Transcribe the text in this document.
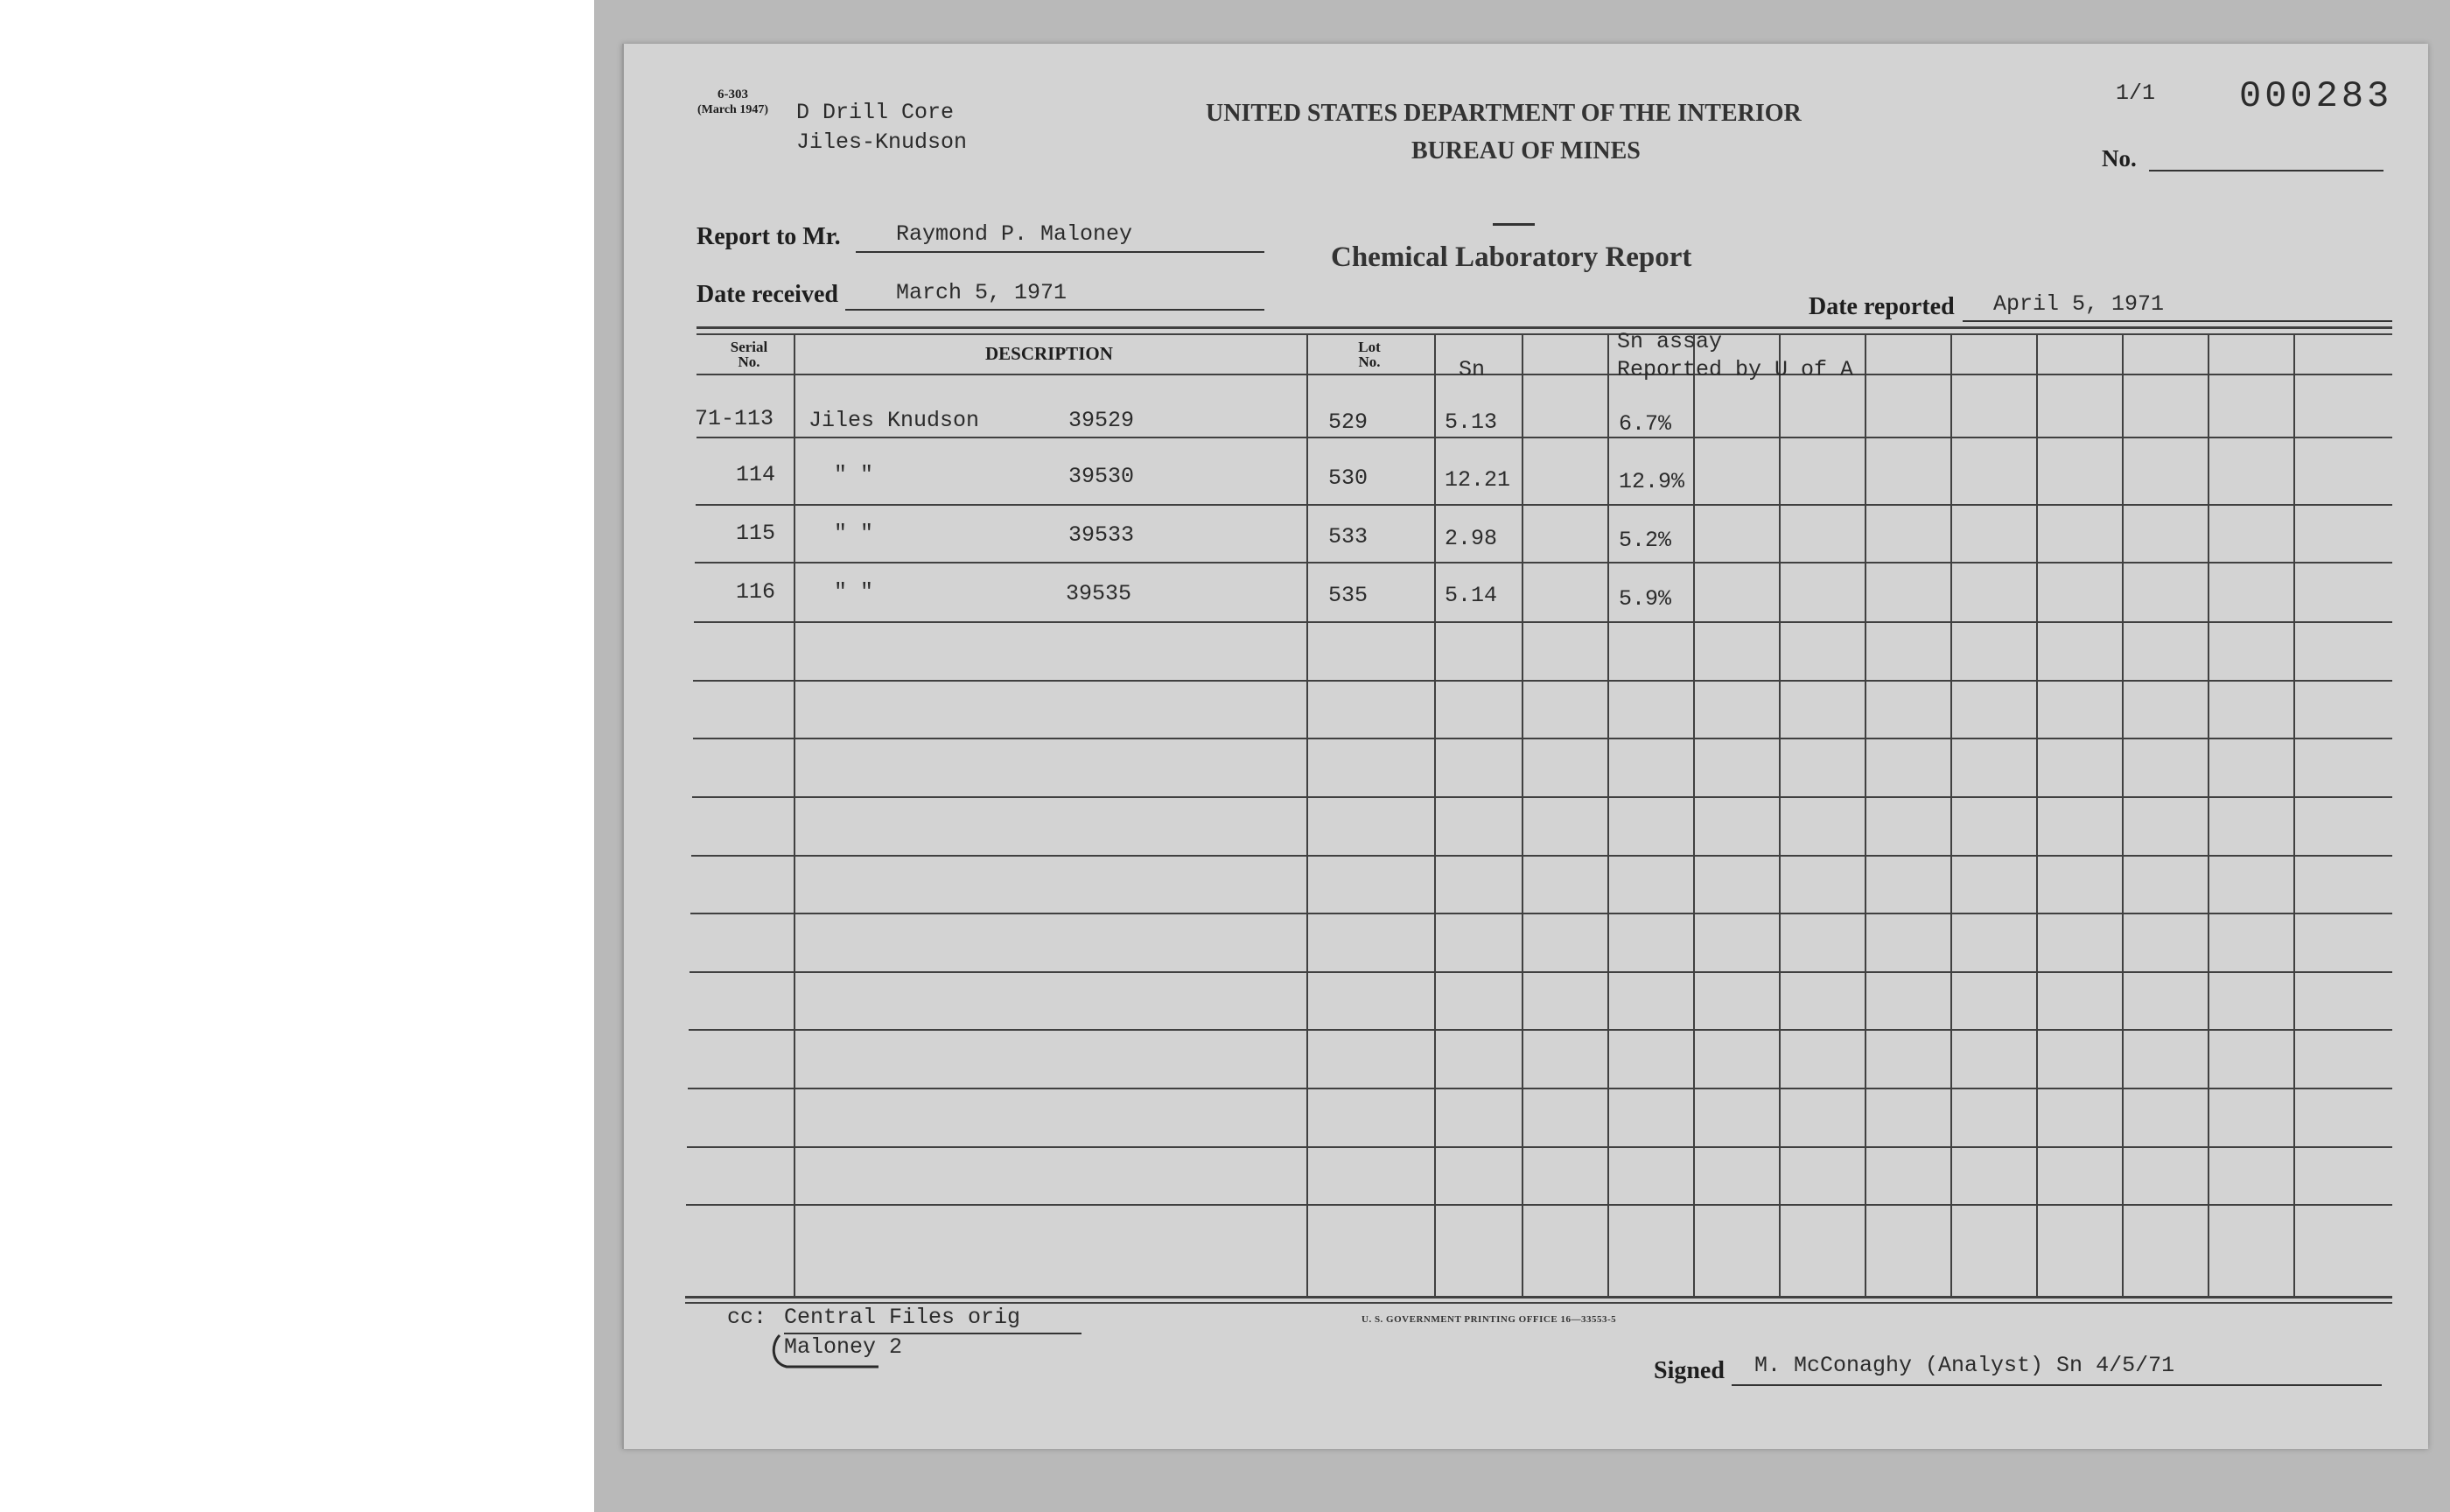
6-303
(March 1947) D Drill Core
Jiles-Knudson
UNITED STATES DEPARTMENT OF THE INTERIOR
BUREAU OF MINES
1/1 000283
No.
Report to Mr.	Raymond P. Maloney
Date received	March 5, 1971
Chemical Laboratory Report
Date reported April 5, 1971
Serial No.	DESCRIPTION	Lot No.	Sn
Sn assay
Reported by U of A
71-113 Jiles Knudson	39529	529	5.13	6.7%
114	" "	39530	530	12.21	12.9%
115	" "	39533	533	2.98	5.2%
116	" "	39535	535	5.14	5.9%
cc: Central Files orig
Maloney 2
U. S. GOVERNMENT PRINTING OFFICE 16—33553-5
Signed M. McConaghy (Analyst) Sn 4/5/71
